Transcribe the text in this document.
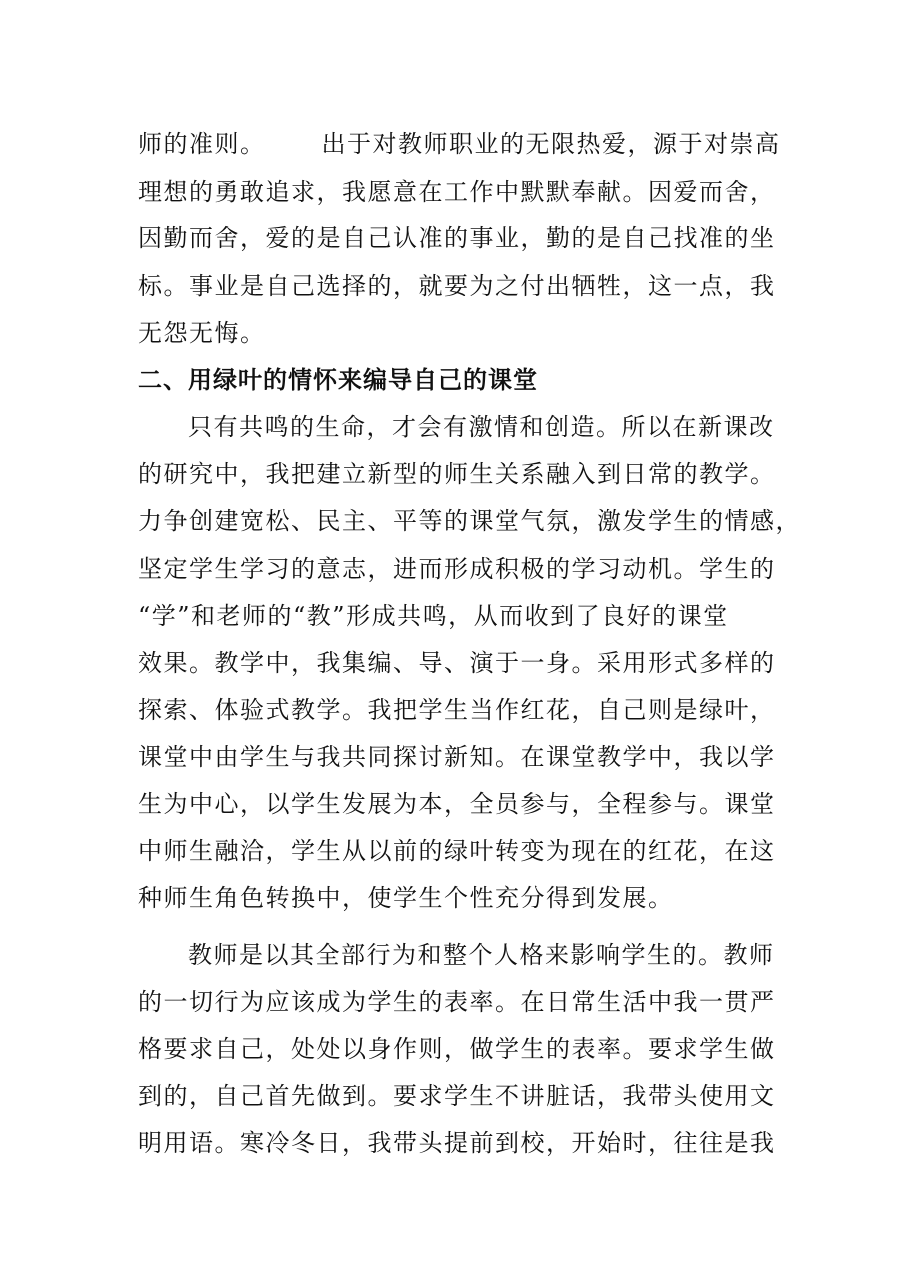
师的准则。 出于对教师职业的无限热爱，源于对崇高
理想的勇敢追求，我愿意在工作中默默奉献。因爱而舍，
因勤而舍，爱的是自己认准的事业，勤的是自己找准的坐
标。事业是自己选择的，就要为之付出牺牲，这一点，我
无怨无悔。
二、用绿叶的情怀来编导自己的课堂
只有共鸣的生命，才会有激情和创造。所以在新课改
的研究中，我把建立新型的师生关系融入到日常的教学。
力争创建宽松、民主、平等的课堂气氛，激发学生的情感，
坚定学生学习的意志，进而形成积极的学习动机。学生的
“学”和老师的“教”形成共鸣，从而收到了良好的课堂
效果。教学中，我集编、导、演于一身。采用形式多样的
探索、体验式教学。我把学生当作红花，自己则是绿叶，
课堂中由学生与我共同探讨新知。在课堂教学中，我以学
生为中心，以学生发展为本，全员参与，全程参与。课堂
中师生融洽，学生从以前的绿叶转变为现在的红花，在这
种师生角色转换中，使学生个性充分得到发展。
教师是以其全部行为和整个人格来影响学生的。教师
的一切行为应该成为学生的表率。在日常生活中我一贯严
格要求自己，处处以身作则，做学生的表率。要求学生做
到的，自己首先做到。要求学生不讲脏话，我带头使用文
明用语。寒冷冬日，我带头提前到校，开始时，往往是我
